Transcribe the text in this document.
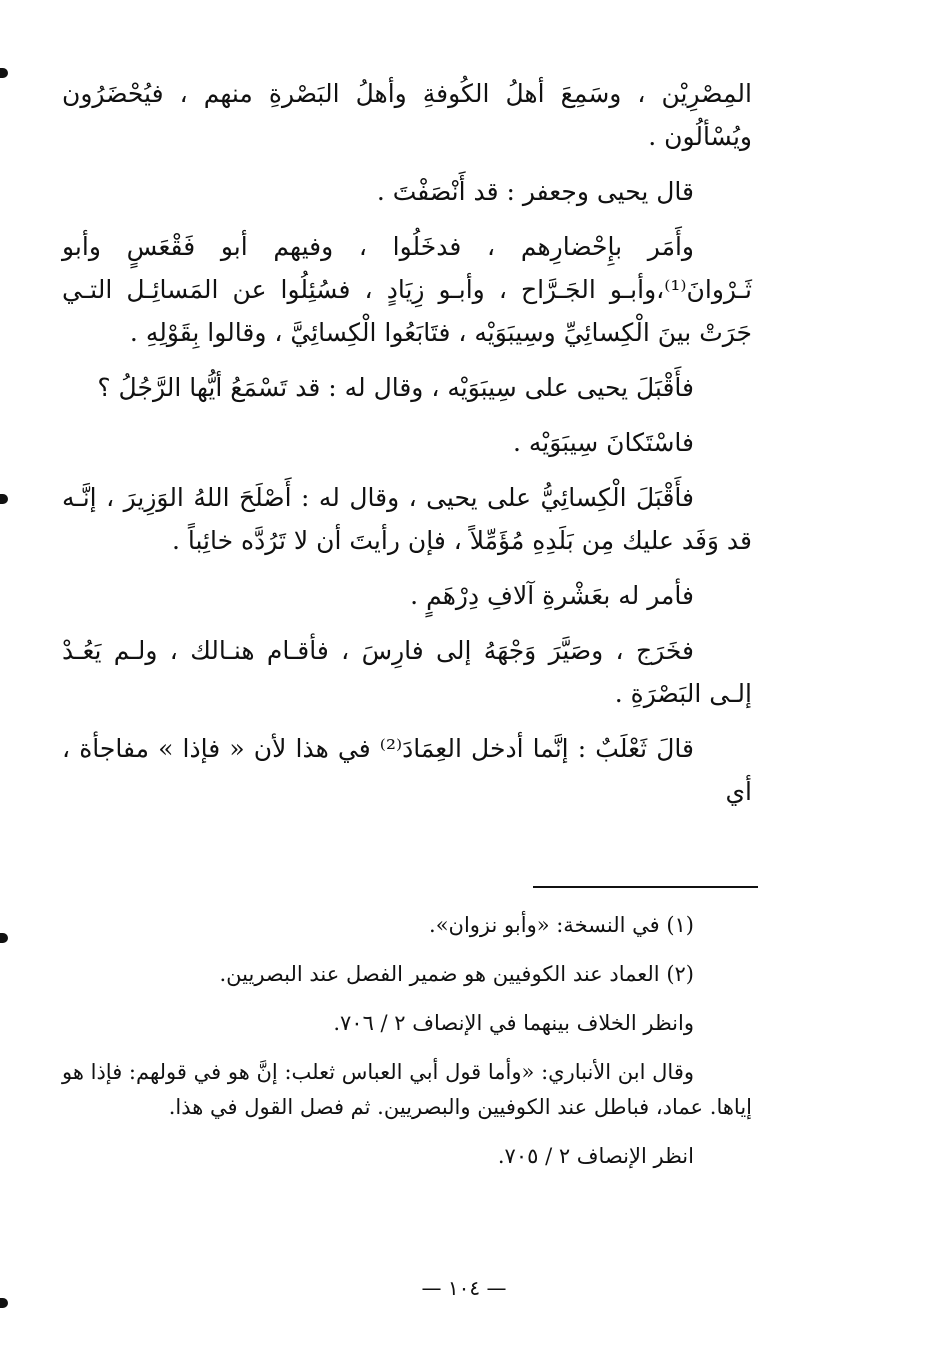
المِصْرِيْن ، وسَمِعَ أهلُ الكُوفةِ وأهلُ البَصْرةِ منهم ، فيُحْضَرُون ويُسْألُون .

قال يحيى وجعفر : قد أَنْصَفْتَ .

وأَمَر بإِحْضارِهم ، فدخَلُوا ، وفيهم أبو فَقْعَسٍ وأبو ثَـرْوانَ⁽¹⁾،وأبـو الجَـرَّاح ، وأبـو زِيَادٍ ، فسُئِلُوا عن المَسائِـل التـي جَرَتْ بينَ الْكِسائِيِّ وسِيبَوَيْه ، فتَابَعُوا الْكِسائِيَّ ، وقالوا بِقَوْلِهِ .

فأَقْبَلَ يحيى على سِيبَوَيْه ، وقال له : قد تَسْمَعُ أيُّها الرَّجُلُ ؟

فاسْتَكانَ سِيبَوَيْه .

فأَقْبَلَ الْكِسائِيُّ على يحيى ، وقال له : أَصْلَحَ اللهُ الوَزِيرَ ، إنَّـه قد وَفَد عليك مِن بَلَدِهِ مُؤَمِّلاً ، فإن رأيتَ أن لا تَرُدَّه خائِباً .

فأمر له بعَشْرةِ آلافِ دِرْهَمٍ .

فخَرَج ، وصَيَّرَ وَجْهَهُ إلى فارِسَ ، فأقـام هنـالك ، ولـم يَعُـدْ إلـى البَصْرَةِ .

قالَ ثَعْلَبٌ : إنَّما أدخل العِمَادَ⁽²⁾ في هذا لأن « فإذا » مفاجأة ، أي

(١) في النسخة: «وأبو نزوان».

(٢) العماد عند الكوفيين هو ضمير الفصل عند البصريين.

وانظر الخلاف بينهما في الإنصاف ٢ / ٧٠٦.

وقال ابن الأنباري: «وأما قول أبي العباس ثعلب: إنَّ هو في قولهم: فإذا هو إياها. عماد، فباطل عند الكوفيين والبصريين. ثم فصل القول في هذا.

انظر الإنصاف ٢ / ٧٠٥.

— ١٠٤ —
